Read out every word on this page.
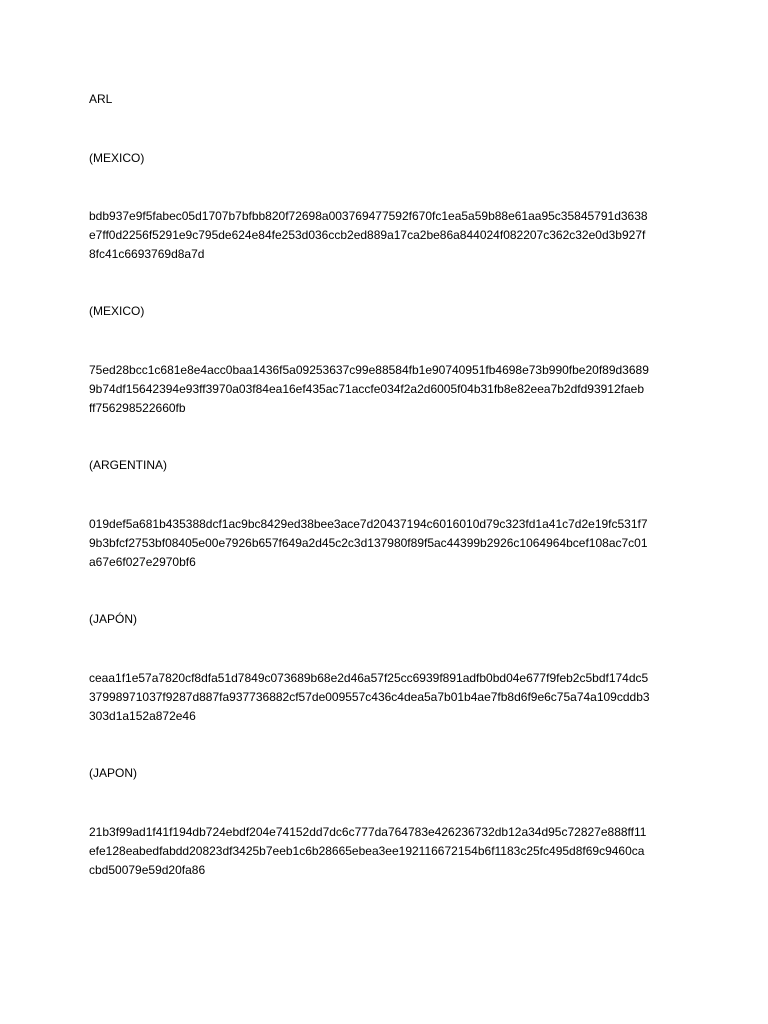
ARL
(MEXICO)
bdb937e9f5fabec05d1707b7bfbb820f72698a003769477592f670fc1ea5a59b88e61aa95c35845791d3638
e7ff0d2256f5291e9c795de624e84fe253d036ccb2ed889a17ca2be86a844024f082207c362c32e0d3b927f
8fc41c6693769d8a7d
(MEXICO)
75ed28bcc1c681e8e4acc0baa1436f5a09253637c99e88584fb1e90740951fb4698e73b990fbe20f89d3689
9b74df15642394e93ff3970a03f84ea16ef435ac71accfe034f2a2d6005f04b31fb8e82eea7b2dfd93912faeb
ff756298522660fb
(ARGENTINA)
019def5a681b435388dcf1ac9bc8429ed38bee3ace7d20437194c6016010d79c323fd1a41c7d2e19fc531f7
9b3bfcf2753bf08405e00e7926b657f649a2d45c2c3d137980f89f5ac44399b2926c1064964bcef108ac7c01
a67e6f027e2970bf6
(JAPÓN)
ceaa1f1e57a7820cf8dfa51d7849c073689b68e2d46a57f25cc6939f891adfb0bd04e677f9feb2c5bdf174dc5
37998971037f9287d887fa937736882cf57de009557c436c4dea5a7b01b4ae7fb8d6f9e6c75a74a109cddb3
303d1a152a872e46
(JAPON)
21b3f99ad1f41f194db724ebdf204e74152dd7dc6c777da764783e426236732db12a34d95c72827e888ff11
efe128eabedfabdd20823df3425b7eeb1c6b28665ebea3ee192116672154b6f1183c25fc495d8f69c9460ca
cbd50079e59d20fa86
